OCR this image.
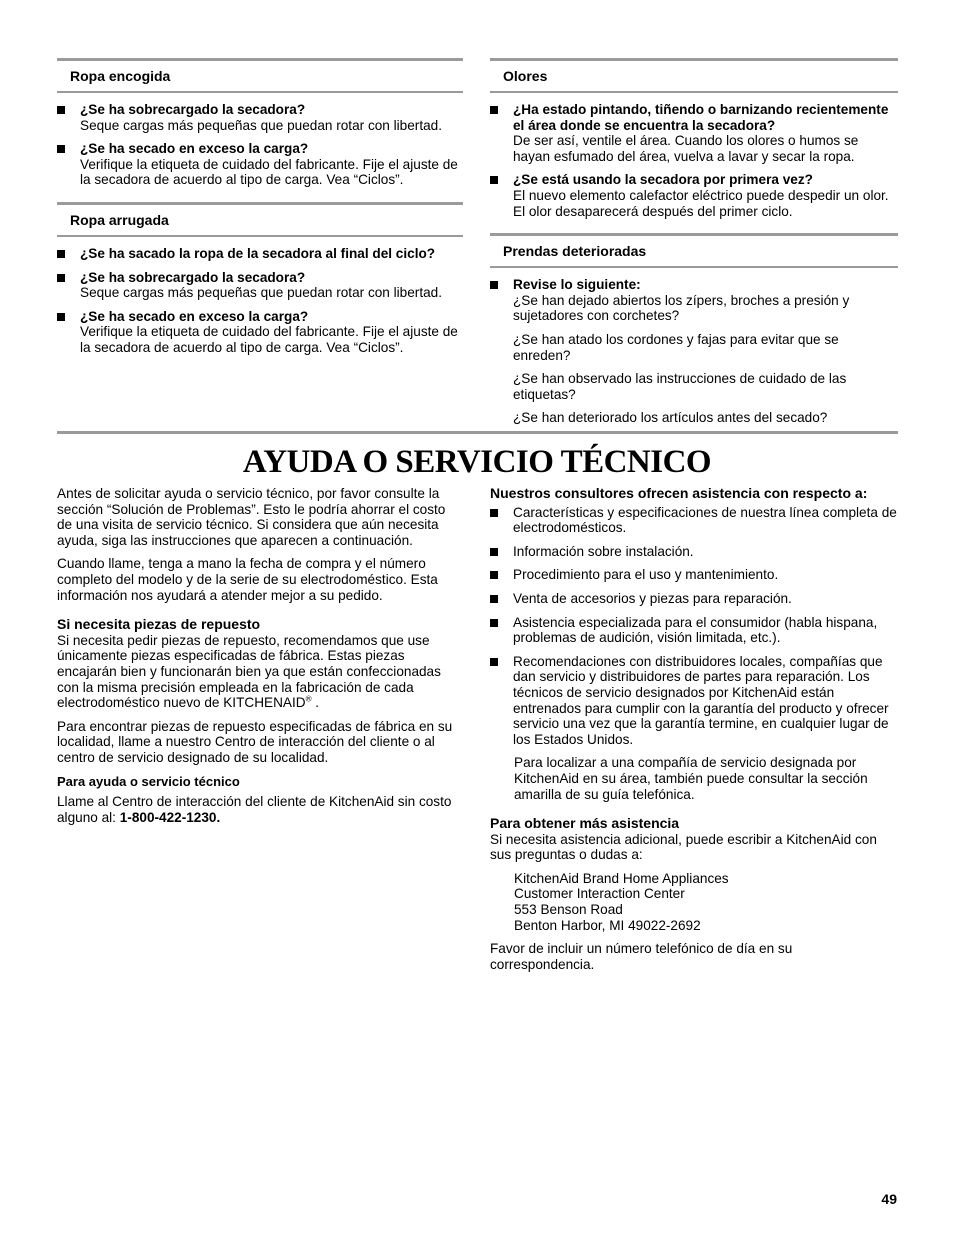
Ropa encogida
¿Se ha sobrecargado la secadora?
Seque cargas más pequeñas que puedan rotar con libertad.
¿Se ha secado en exceso la carga?
Verifique la etiqueta de cuidado del fabricante. Fije el ajuste de la secadora de acuerdo al tipo de carga. Vea “Ciclos”.
Ropa arrugada
¿Se ha sacado la ropa de la secadora al final del ciclo?
¿Se ha sobrecargado la secadora?
Seque cargas más pequeñas que puedan rotar con libertad.
¿Se ha secado en exceso la carga?
Verifique la etiqueta de cuidado del fabricante. Fije el ajuste de la secadora de acuerdo al tipo de carga. Vea “Ciclos”.
Olores
¿Ha estado pintando, tiñendo o barnizando recientemente el área donde se encuentra la secadora?
De ser así, ventile el área. Cuando los olores o humos se hayan esfumado del área, vuelva a lavar y secar la ropa.
¿Se está usando la secadora por primera vez?
El nuevo elemento calefactor eléctrico puede despedir un olor. El olor desaparecerá después del primer ciclo.
Prendas deterioradas
Revise lo siguiente:
¿Se han dejado abiertos los zípers, broches a presión y sujetadores con corchetes?
¿Se han atado los cordones y fajas para evitar que se enreden?
¿Se han observado las instrucciones de cuidado de las etiquetas?
¿Se han deteriorado los artículos antes del secado?
AYUDA O SERVICIO TÉCNICO

Antes de solicitar ayuda o servicio técnico, por favor consulte la sección “Solución de Problemas”. Esto le podría ahorrar el costo de una visita de servicio técnico. Si considera que aún necesita ayuda, siga las instrucciones que aparecen a continuación.

Cuando llame, tenga a mano la fecha de compra y el número completo del modelo y de la serie de su electrodoméstico. Esta información nos ayudará a atender mejor a su pedido.

Si necesita piezas de repuesto

Si necesita pedir piezas de repuesto, recomendamos que use únicamente piezas especificadas de fábrica. Estas piezas encajarán bien y funcionarán bien ya que están confeccionadas con la misma precisión empleada en la fabricación de cada electrodoméstico nuevo de KITCHENAID® .

Para encontrar piezas de repuesto especificadas de fábrica en su localidad, llame a nuestro Centro de interacción del cliente o al centro de servicio designado de su localidad.

Para ayuda o servicio técnico

Llame al Centro de interacción del cliente de KitchenAid sin costo alguno al: 1-800-422-1230.

Nuestros consultores ofrecen asistencia con respecto a:
Características y especificaciones de nuestra línea completa de electrodomésticos.
Información sobre instalación.
Procedimiento para el uso y mantenimiento.
Venta de accesorios y piezas para reparación.
Asistencia especializada para el consumidor (habla hispana, problemas de audición, visión limitada, etc.).
Recomendaciones con distribuidores locales, compañías que dan servicio y distribuidores de partes para reparación. Los técnicos de servicio designados por KitchenAid están entrenados para cumplir con la garantía del producto y ofrecer servicio una vez que la garantía termine, en cualquier lugar de los Estados Unidos.

Para localizar a una compañía de servicio designada por KitchenAid en su área, también puede consultar la sección amarilla de su guía telefónica.

Para obtener más asistencia

Si necesita asistencia adicional, puede escribir a KitchenAid con sus preguntas o dudas a:

KitchenAid Brand Home Appliances
Customer Interaction Center
553 Benson Road
Benton Harbor, MI 49022-2692

Favor de incluir un número telefónico de día en su correspondencia.

49
